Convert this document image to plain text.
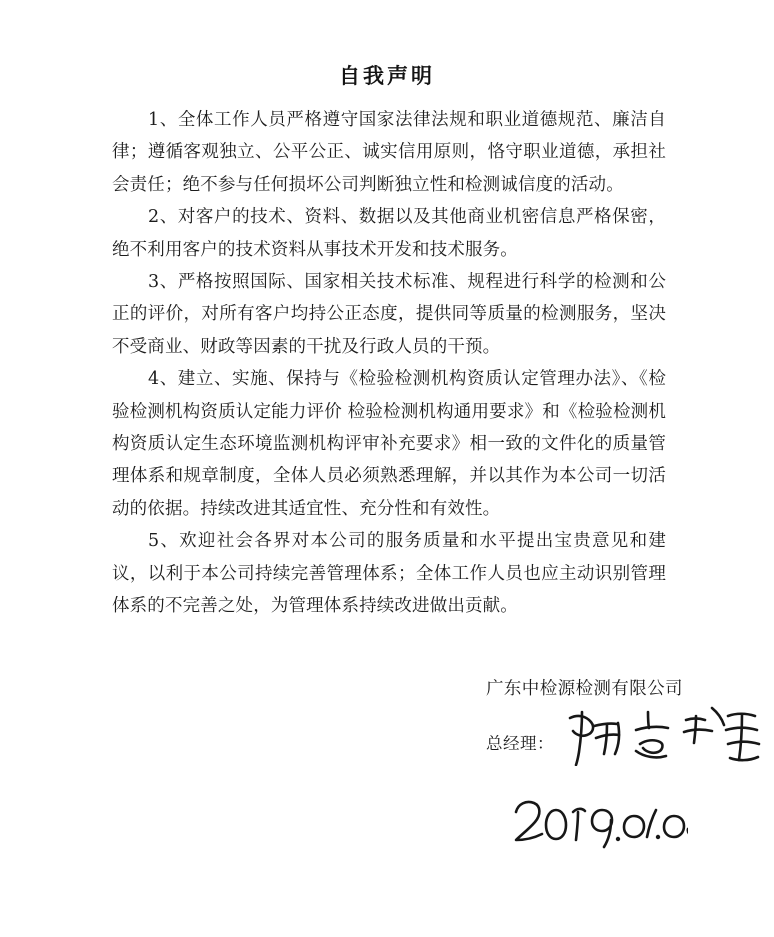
自我声明

1、全体工作人员严格遵守国家法律法规和职业道德规范、廉洁自律；遵循客观独立、公平公正、诚实信用原则，恪守职业道德，承担社会责任；绝不参与任何损坏公司判断独立性和检测诚信度的活动。

2、对客户的技术、资料、数据以及其他商业机密信息严格保密，绝不利用客户的技术资料从事技术开发和技术服务。

3、严格按照国际、国家相关技术标准、规程进行科学的检测和公正的评价，对所有客户均持公正态度，提供同等质量的检测服务，坚决不受商业、财政等因素的干扰及行政人员的干预。

4、建立、实施、保持与《检验检测机构资质认定管理办法》、《检验检测机构资质认定能力评价 检验检测机构通用要求》和《检验检测机构资质认定生态环境监测机构评审补充要求》相一致的文件化的质量管理体系和规章制度，全体人员必须熟悉理解，并以其作为本公司一切活动的依据。持续改进其适宜性、充分性和有效性。

5、欢迎社会各界对本公司的服务质量和水平提出宝贵意见和建议，以利于本公司持续完善管理体系；全体工作人员也应主动识别管理体系的不完善之处，为管理体系持续改进做出贡献。

广东中检源检测有限公司
总经理：
